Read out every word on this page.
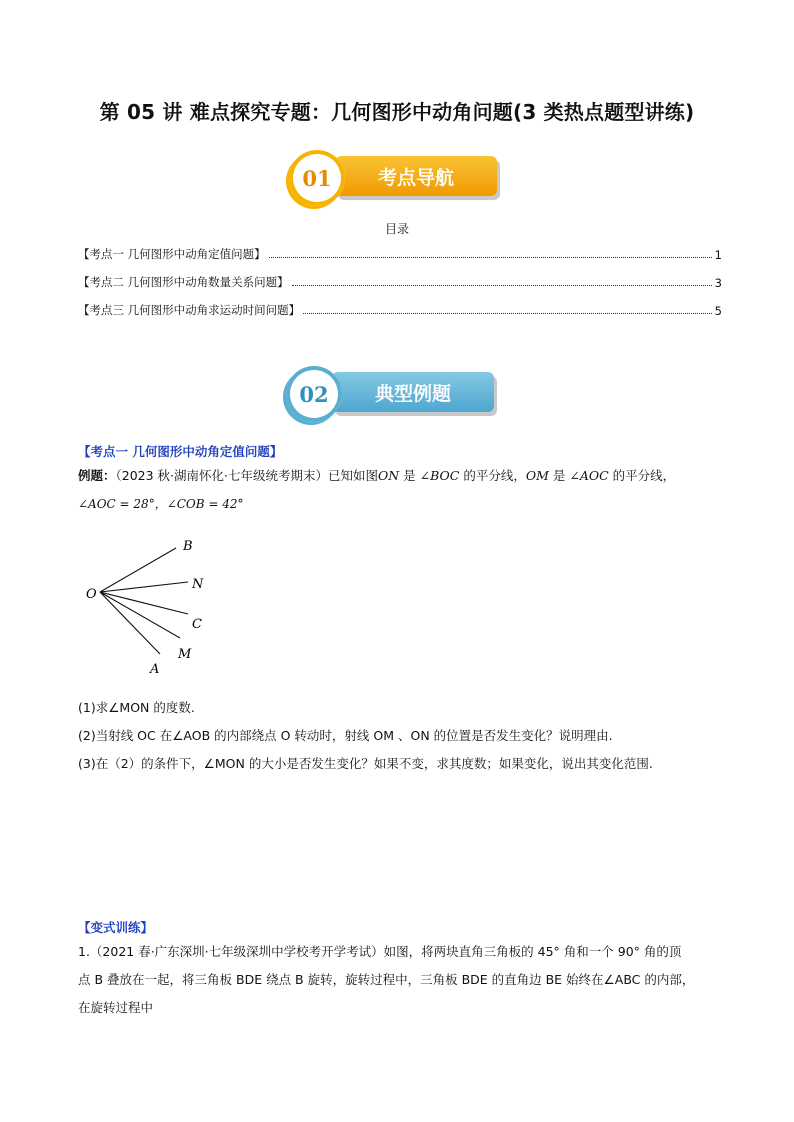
第 05 讲 难点探究专题：几何图形中动角问题(3 类热点题型讲练)
01	考点导航
目录
【考点一 几何图形中动角定值问题】	1
【考点二 几何图形中动角数量关系问题】	3
【考点三 几何图形中动角求运动时间问题】	5
02	典型例题
【考点一 几何图形中动角定值问题】
例题：（2023 秋·湖南怀化·七年级统考期末）已知如图ON 是 ∠BOC 的平分线，OM 是 ∠AOC 的平分线，
∠AOC = 28°，∠COB = 42°
O
B
N
C
M
A
(1)求∠MON 的度数.
(2)当射线 OC 在∠AOB 的内部绕点 O 转动时，射线 OM 、ON 的位置是否发生变化？说明理由.
(3)在（2）的条件下，∠MON 的大小是否发生变化？如果不变，求其度数；如果变化，说出其变化范围.
【变式训练】
1.（2021 春·广东深圳·七年级深圳中学校考开学考试）如图，将两块直角三角板的 45° 角和一个 90° 角的顶
点 B 叠放在一起，将三角板 BDE 绕点 B 旋转，旋转过程中，三角板 BDE 的直角边 BE 始终在∠ABC 的内部，
在旋转过程中
